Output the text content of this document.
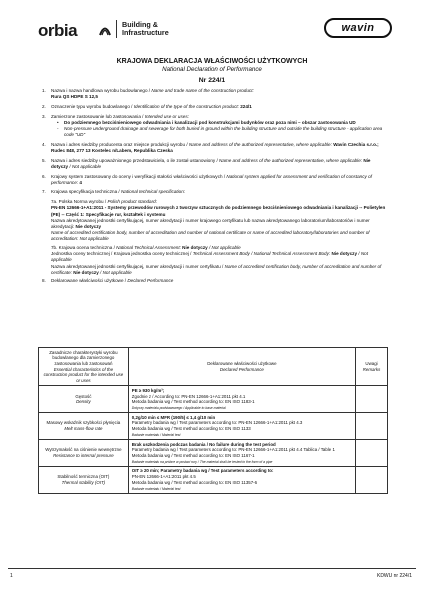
orbia	Building &
Infrastructure	wavin
KRAJOWA DEKLARACJA WŁAŚCIWOŚCI UŻYTKOWYCH
National Declaration of Performance
Nr 224/1
1.	Nazwa i nazwa handlowa wyrobu budowlanego / Name and trade name of the construction product:
Rura QS HDPE S 12,5
2.	Oznaczenie typu wyrobu budowlanego / Identification of the type of the construction product: 224/1
3.	Zamierzone zastosowanie lub zastosowania / Intended use or uses:
•	Do podziemnego bezciśnieniowego odwadniania i kanalizacji pod konstrukcjami budynków oraz poza nimi – obszar zastosowania UD
-	Non-pressure underground drainage and sewerage for both buried in ground within the building structure and outside the building structure - application area code "UD"
4.	Nazwa i adres siedziby producenta oraz miejsce produkcji wyrobu / Name and address of the authorized representative, where applicable: Wavin Czechia s.r.o.; Rudec 848, 277 13 Kostelec n/Labem, Republika Czeska
5.	Nazwa i adres siedziby upoważnionego przedstawiciela, o ile został ustanowiony / Name and address of the authorized representative, where applicable: Nie dotyczy / Not applicable
6.	Krajowy system zastosowany do oceny i weryfikacji stałości właściwości użytkowych / National system applied for assessment and verification of constancy of performance: 4
7.	Krajowa specyfikacja techniczna / National technical specification:
7a. Polska Norma wyrobu / Polish product standard:
PN-EN 12666-1+A1:2011 - Systemy przewodów rurowych z tworzyw sztucznych do podziemnego bezciśnieniowego odwadniania i kanalizacji -- Polietylen (PE) -- Część 1: Specyfikacje rur, kształtek i systemu
Nazwa akredytowanej jednostki certyfikującej, numer akredytacji i numer krajowego certyfikatu lub nazwa akredytowanego laboratorium/laboratoriów i numer akredytacji: Nie dotyczy
Name of accredited certification body, number of accreditation and number of national certificate or name of accredited laboratory/laboratories and number of accreditation: Not applicable
7b. Krajowa ocena techniczna / National Technical Assessment: Nie dotyczy / Not applicable
Jednostka oceny technicznej / Krajowa jednostka oceny technicznej / Technical Assessment Body / National Technical Assessment Body: Nie dotyczy / Not applicable
Nazwa akredytowanej jednostki certyfikującej, numer akredytacji i numer certyfikatu / Name of accredited certification body, number of accreditation and number of certificate: Nie dotyczy / Not applicable
8.	Deklarowane właściwości użytkowe / Declared Performance
Zasadnicze charakterystyki wyrobu budowlanego dla zamierzonego zastosowania lub zastosowań
Essential characteristics of the construction product for the intended use or uses	Deklarowane właściwości użytkowe
Declared Performance	Uwagi
Remarks
Gęstość
Density	PE ≥ 930 kg/m³;
Zgodnie z / According to: PN-EN 12666-1+A1:2011 pkt 4.1
Metoda badania wg / Test method according to: EN ISO 1183-1
Dotyczy materiału podstawowego / Applicable to base material	
Masowy wskaźnik szybkości płynięcia
Melt mass-flow rate	0,2g/10 min ≤ MFR (190/5) ≤ 1,4 g/10 min
Parametry badania wg / Test parameters according to: PN-EN 12666-1+A1:2011 pkt 4.3
Metoda badania wg / Test method according to: EN ISO 1133
Badanie materiału / Material test	
Wytrzymałość na ciśnienie wewnętrzne
Resistance to internal pressure	Brak uszkodzenia podczas badania / No failure during the test period
Parametry badania wg / Test parameters according to: PN-EN 12666-1+A1:2011 pkt 4.4 Tablica / Table 1
Metoda badania wg / Test method according to: EN ISO 1167-1
Badanie materiału na próbce w postaci rury / The material shall be tested in the form of a pipe	
Stabilność termiczna (OIT)
Thermal stability (OIT)	OIT ≥ 20 min; Parametry badania wg / Test parameters according to:
PN-EN 12666-1+A1:2011 pkt 4.5
Metoda badania wg / Test method according to: EN ISO 11357-6
Badanie materiału / Material test	
1	KDWU nr 224/1
